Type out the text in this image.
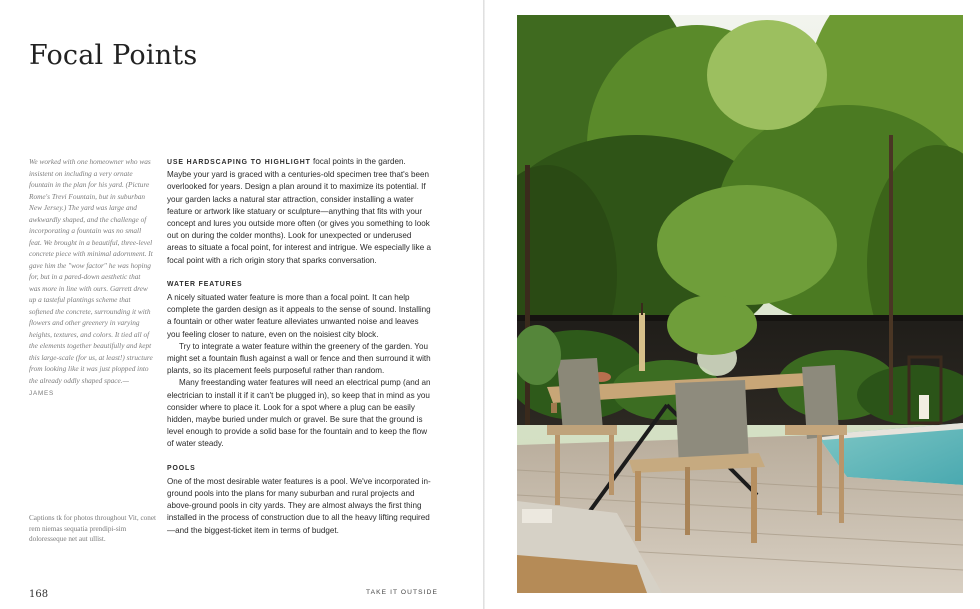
Focal Points

We worked with one homeowner who was insistent on including a very ornate fountain in the plan for his yard. (Picture Rome's Trevi Fountain, but in suburban New Jersey.) The yard was large and awkwardly shaped, and the challenge of incorporating a fountain was no small feat. We brought in a beautiful, three-level concrete piece with minimal adornment. It gave him the "wow factor" he was hoping for, but in a pared-down aesthetic that was more in line with ours. Garrett drew up a tasteful plantings scheme that softened the concrete, surrounding it with flowers and other greenery in varying heights, textures, and colors. It tied all of the elements together beautifully and kept this large-scale (for us, at least!) structure from looking like it was just plopped into the already oddly shaped space.—JAMES

Captions tk for photos throughout Vit, conet rem niemas sequatia prendipi-sim doloresseque net aut ullist.

USE HARDSCAPING TO HIGHLIGHT focal points in the garden. Maybe your yard is graced with a centuries-old specimen tree that's been overlooked for years. Design a plan around it to maximize its potential. If your garden lacks a natural star attraction, consider installing a water feature or artwork like statuary or sculpture—anything that fits with your concept and lures you outside more often (or gives you something to look out on during the colder months). Look for unexpected or underused areas to situate a focal point, for interest and intrigue. We especially like a focal point with a rich origin story that sparks conversation.

WATER FEATURES

A nicely situated water feature is more than a focal point. It can help complete the garden design as it appeals to the sense of sound. Installing a fountain or other water feature alleviates unwanted noise and leaves you feeling closer to nature, even on the noisiest city block.

Try to integrate a water feature within the greenery of the garden. You might set a fountain flush against a wall or fence and then surround it with plants, so its placement feels purposeful rather than random.

Many freestanding water features will need an electrical pump (and an electrician to install it if it can't be plugged in), so keep that in mind as you consider where to place it. Look for a spot where a plug can be easily hidden, maybe buried under mulch or gravel. Be sure that the ground is level enough to provide a solid base for the fountain and to keep the flow of water steady.

POOLS

One of the most desirable water features is a pool. We've incorporated in-ground pools into the plans for many suburban and rural projects and above-ground pools in city yards. They are almost always the first thing installed in the process of construction due to all the heavy lifting required—and the biggest-ticket item in terms of budget.

168	TAKE IT OUTSIDE
